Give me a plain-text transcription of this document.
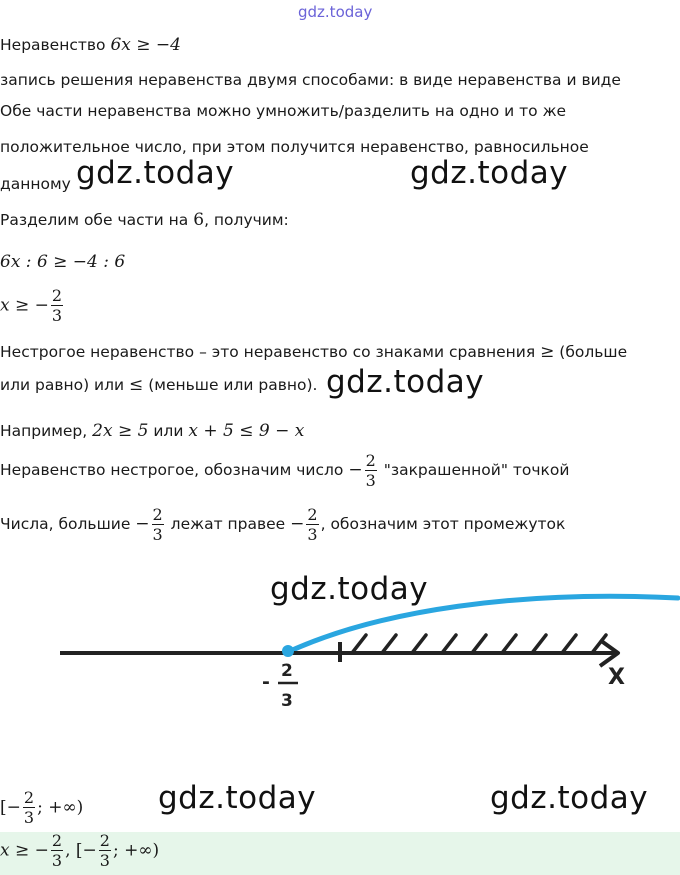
gdz.today
Неравенство 6x ≥ −4
запись решения неравенства двумя способами: в виде неравенства и виде
Обе части неравенства можно умножить/разделить на одно и то же
положительное число, при этом получится неравенство, равносильное
данному gdz.today	gdz.today
Разделим обе части на 6, получим:
6x : 6 ≥ −4 : 6
x ≥ − $\frac{2}{3}$
Нестрогое неравенство – это неравенство со знаками сравнения ≥ (больше
или равно) или ≤ (меньше или равно). gdz.today
Например, 2x ≥ 5 или x + 5 ≤ 9 − x
Неравенство нестрогое, обозначим число − $\frac{2}{3}$ "закрашенной" точкой
Числа, большие − $\frac{2}{3}$ лежат правее − $\frac{2}{3}$ , обозначим этот промежуток
- 2
3
X
gdz.today
[− $\frac{2}{3}$ ; +∞) gdz.today	gdz.today
x ≥ − $\frac{2}{3}$ , [− $\frac{2}{3}$ ; +∞)
